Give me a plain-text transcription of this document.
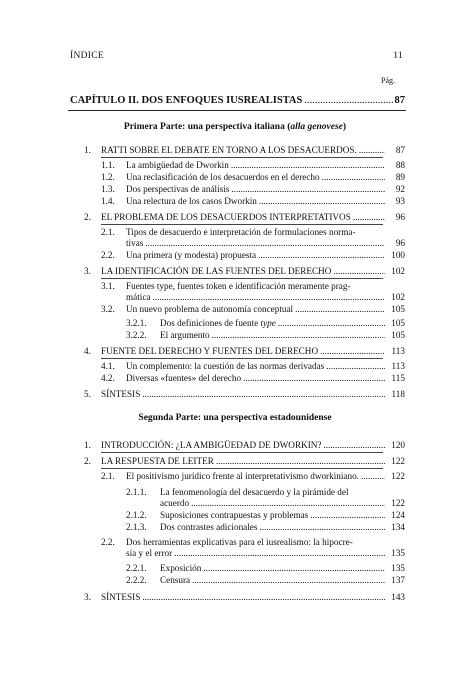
ÍNDICE	11
Pág.
CAPÍTULO II. DOS ENFOQUES IUSREALISTAS .....	87
Primera Parte: una perspectiva italiana (alla genovese)
Segunda Parte: una perspectiva estadounidense
1. RATTI SOBRE EL DEBATE EN TORNO A LOS DESACUERDOS. .....	87
1.1. La ambigüedad de Dworkin .....	88
1.2. Una reclasificación de los desacuerdos en el derecho .....	89
1.3. Dos perspectivas de análisis .....	92
1.4. Una relectura de los casos Dworkin .....	93
2. EL PROBLEMA DE LOS DESACUERDOS INTERPRETATIVOS .....	96
2.1. Tipos de desacuerdo e interpretación de formulaciones norma-
tivas .....	96
2.2. Una primera (y modesta) propuesta .....	100
3. LA IDENTIFICACIÓN DE LAS FUENTES DEL DERECHO .....	102
3.1. Fuentes type, fuentes token e identificación meramente prag-
mática .....	102
3.2. Un nuevo problema de autonomía conceptual .....	105
3.2.1. Dos definiciones de fuente type .....	105
3.2.2. El argumento .....	105
4. FUENTE DEL DERECHO Y FUENTES DEL DERECHO .....	113
4.1. Un complemento: la cuestión de las normas derivadas .....	113
4.2. Diversas «fuentes» del derecho .....	115
5. SÍNTESIS .....	118
1. INTRODUCCIÓN: ¿LA AMBIGÜEDAD DE DWORKIN? .....	120
2. LA RESPUESTA DE LEITER .....	122
2.1. El positivismo jurídico frente al interpretativismo dworkiniano. .....	122
2.1.1. La fenomenología del desacuerdo y la pirámide del
acuerdo .....	122
2.1.2. Suposiciones contrapuestas y problemas .....	124
2.1.3. Dos contrastes adicionales .....	134
2.2. Dos herramientas explicativas para el iusrealismo: la hipocre-
sía y el error .....	135
2.2.1. Exposición .....	135
2.2.2. Censura .....	137
3. SÍNTESIS .....	143
